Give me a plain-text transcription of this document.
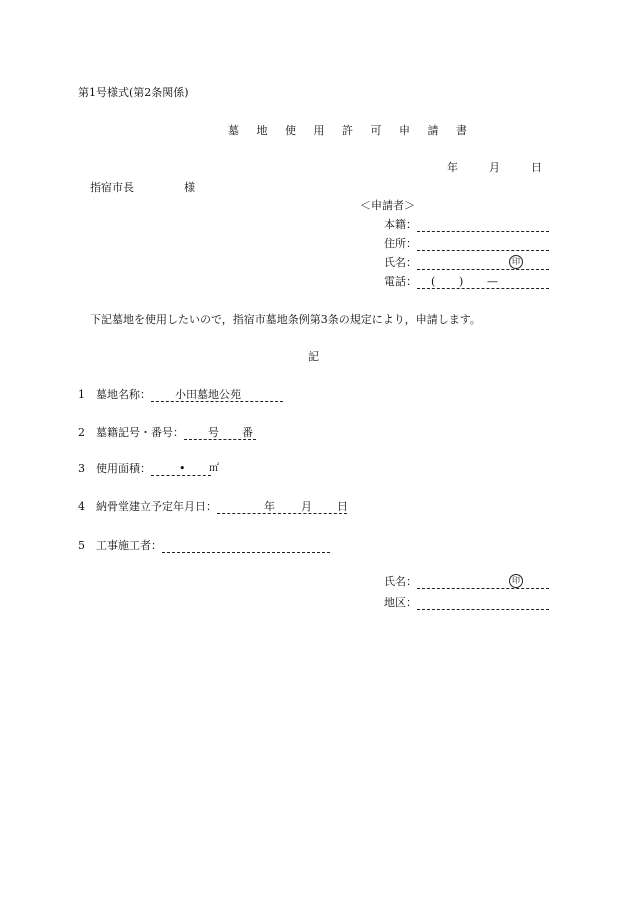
第1号様式(第2条関係)
墓 地 使 用 許 可 申 請 書
年	月	日
指宿市長	様
＜申請者＞
本籍：
住所：
氏名：	印
電話： ( ) —
下記墓地を使用したいので，指宿市墓地条例第3条の規定により，申請します。
記
1	墓地名称： 小田墓地公苑
2	墓籍記号・番号： 号 番
3	使用面積：	• ㎡
4	納骨堂建立予定年月日：	年 月 日
5	工事施工者：
氏名：	印
地区：
